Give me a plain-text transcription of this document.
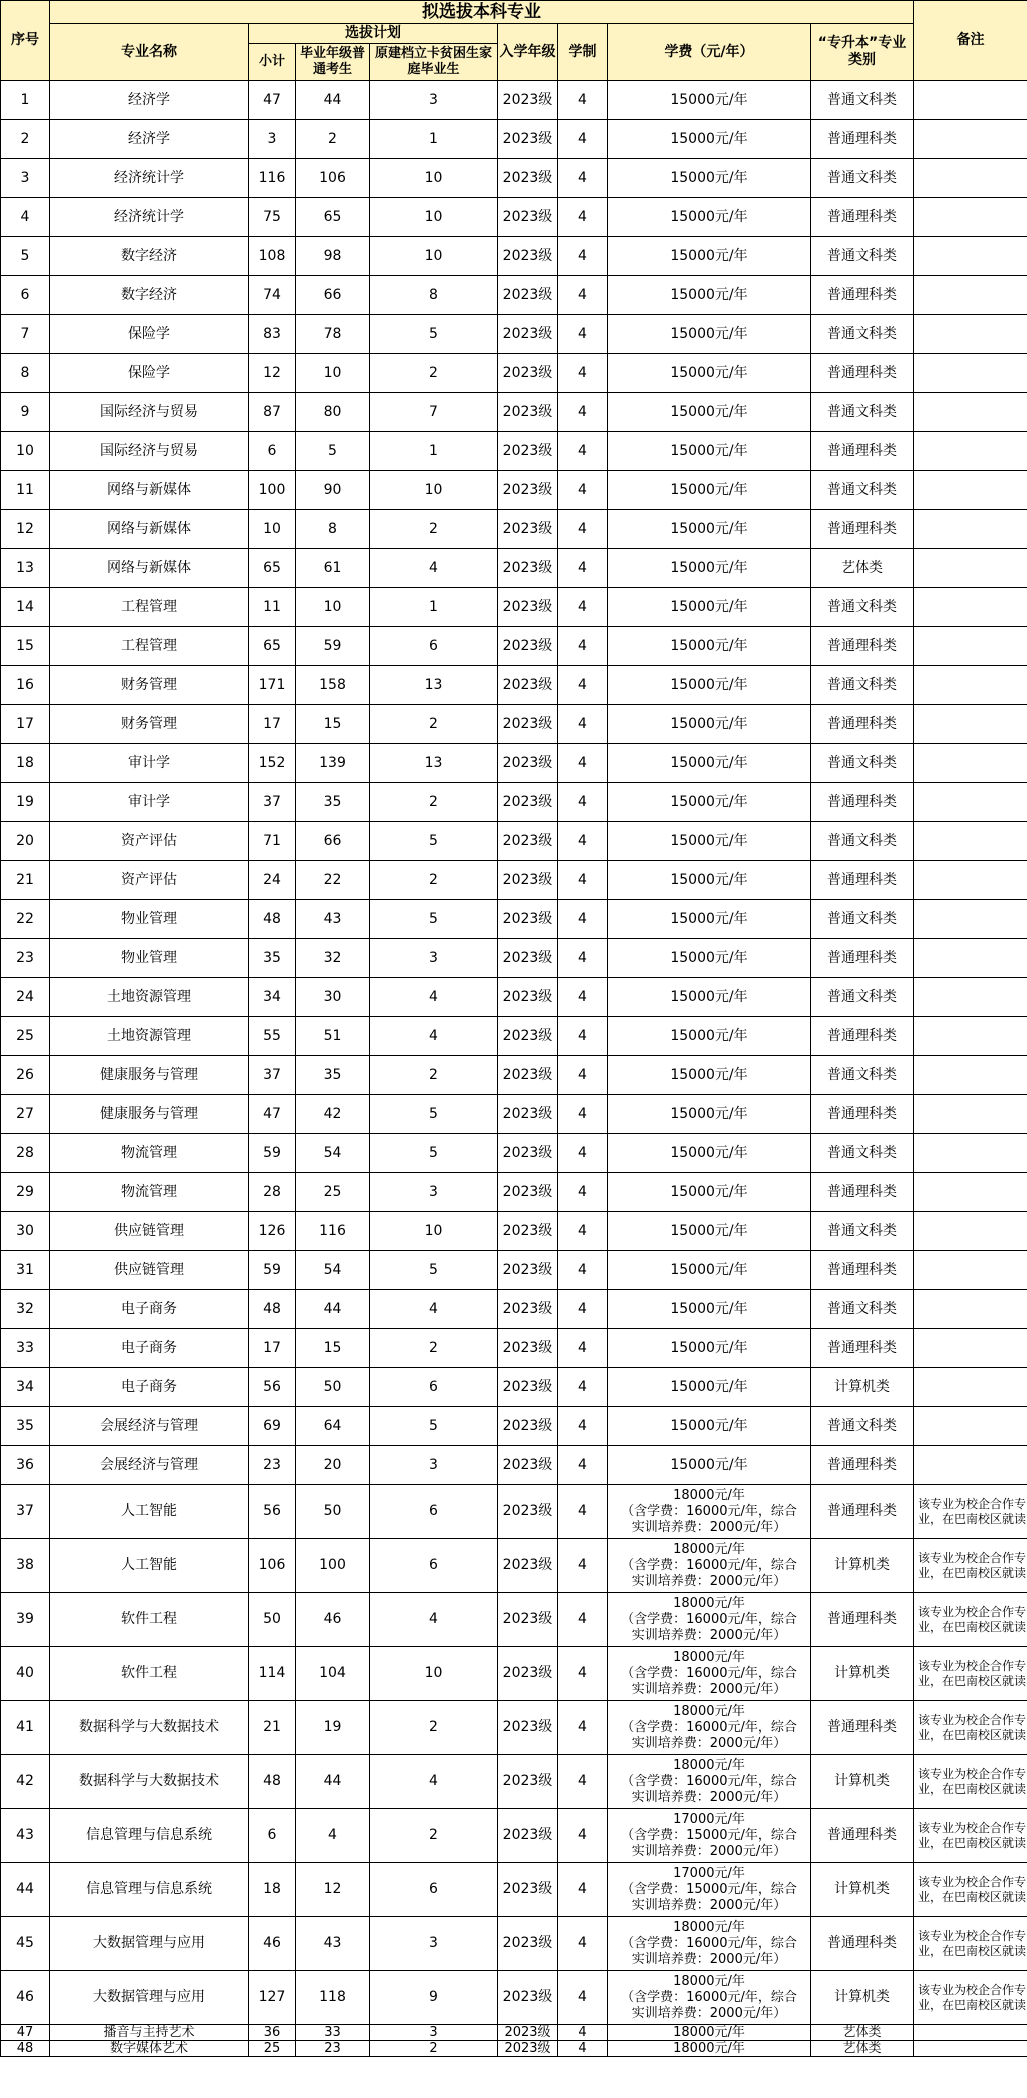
序号	拟选拔本科专业								备注
	专业名称	选拔计划			入学年级	学制	学费（元/年）	“专升本”专业类别	
		小计	毕业年级普通考生	原建档立卡贫困生家庭毕业生					
1	经济学	47	44	3	2023级	4	15000元/年	普通文科类	
2	经济学	3	2	1	2023级	4	15000元/年	普通理科类	
3	经济统计学	116	106	10	2023级	4	15000元/年	普通文科类	
4	经济统计学	75	65	10	2023级	4	15000元/年	普通理科类	
5	数字经济	108	98	10	2023级	4	15000元/年	普通文科类	
6	数字经济	74	66	8	2023级	4	15000元/年	普通理科类	
7	保险学	83	78	5	2023级	4	15000元/年	普通文科类	
8	保险学	12	10	2	2023级	4	15000元/年	普通理科类	
9	国际经济与贸易	87	80	7	2023级	4	15000元/年	普通文科类	
10	国际经济与贸易	6	5	1	2023级	4	15000元/年	普通理科类	
11	网络与新媒体	100	90	10	2023级	4	15000元/年	普通文科类	
12	网络与新媒体	10	8	2	2023级	4	15000元/年	普通理科类	
13	网络与新媒体	65	61	4	2023级	4	15000元/年	艺体类	
14	工程管理	11	10	1	2023级	4	15000元/年	普通文科类	
15	工程管理	65	59	6	2023级	4	15000元/年	普通理科类	
16	财务管理	171	158	13	2023级	4	15000元/年	普通文科类	
17	财务管理	17	15	2	2023级	4	15000元/年	普通理科类	
18	审计学	152	139	13	2023级	4	15000元/年	普通文科类	
19	审计学	37	35	2	2023级	4	15000元/年	普通理科类	
20	资产评估	71	66	5	2023级	4	15000元/年	普通文科类	
21	资产评估	24	22	2	2023级	4	15000元/年	普通理科类	
22	物业管理	48	43	5	2023级	4	15000元/年	普通文科类	
23	物业管理	35	32	3	2023级	4	15000元/年	普通理科类	
24	土地资源管理	34	30	4	2023级	4	15000元/年	普通文科类	
25	土地资源管理	55	51	4	2023级	4	15000元/年	普通理科类	
26	健康服务与管理	37	35	2	2023级	4	15000元/年	普通文科类	
27	健康服务与管理	47	42	5	2023级	4	15000元/年	普通理科类	
28	物流管理	59	54	5	2023级	4	15000元/年	普通文科类	
29	物流管理	28	25	3	2023级	4	15000元/年	普通理科类	
30	供应链管理	126	116	10	2023级	4	15000元/年	普通文科类	
31	供应链管理	59	54	5	2023级	4	15000元/年	普通理科类	
32	电子商务	48	44	4	2023级	4	15000元/年	普通文科类	
33	电子商务	17	15	2	2023级	4	15000元/年	普通理科类	
34	电子商务	56	50	6	2023级	4	15000元/年	计算机类	
35	会展经济与管理	69	64	5	2023级	4	15000元/年	普通文科类	
36	会展经济与管理	23	20	3	2023级	4	15000元/年	普通理科类	
37	人工智能	56	50	6	2023级	4	18000元/年
（含学费：16000元/年，综合
实训培养费：2000元/年）	普通理科类	该专业为校企合作专业，在巴南校区就读
38	人工智能	106	100	6	2023级	4	18000元/年
（含学费：16000元/年，综合
实训培养费：2000元/年）	计算机类	该专业为校企合作专业，在巴南校区就读
39	软件工程	50	46	4	2023级	4	18000元/年
（含学费：16000元/年，综合
实训培养费：2000元/年）	普通理科类	该专业为校企合作专业，在巴南校区就读
40	软件工程	114	104	10	2023级	4	18000元/年
（含学费：16000元/年，综合
实训培养费：2000元/年）	计算机类	该专业为校企合作专业，在巴南校区就读
41	数据科学与大数据技术	21	19	2	2023级	4	18000元/年
（含学费：16000元/年，综合
实训培养费：2000元/年）	普通理科类	该专业为校企合作专业，在巴南校区就读
42	数据科学与大数据技术	48	44	4	2023级	4	18000元/年
（含学费：16000元/年，综合
实训培养费：2000元/年）	计算机类	该专业为校企合作专业，在巴南校区就读
43	信息管理与信息系统	6	4	2	2023级	4	17000元/年
（含学费：15000元/年，综合
实训培养费：2000元/年）	普通理科类	该专业为校企合作专业，在巴南校区就读
44	信息管理与信息系统	18	12	6	2023级	4	17000元/年
（含学费：15000元/年，综合
实训培养费：2000元/年）	计算机类	该专业为校企合作专业，在巴南校区就读
45	大数据管理与应用	46	43	3	2023级	4	18000元/年
（含学费：16000元/年，综合
实训培养费：2000元/年）	普通理科类	该专业为校企合作专业，在巴南校区就读
46	大数据管理与应用	127	118	9	2023级	4	18000元/年
（含学费：16000元/年，综合
实训培养费：2000元/年）	计算机类	该专业为校企合作专业，在巴南校区就读
47	播音与主持艺术	36	33	3	2023级	4	18000元/年	艺体类	
48	数字媒体艺术	25	23	2	2023级	4	18000元/年	艺体类	
